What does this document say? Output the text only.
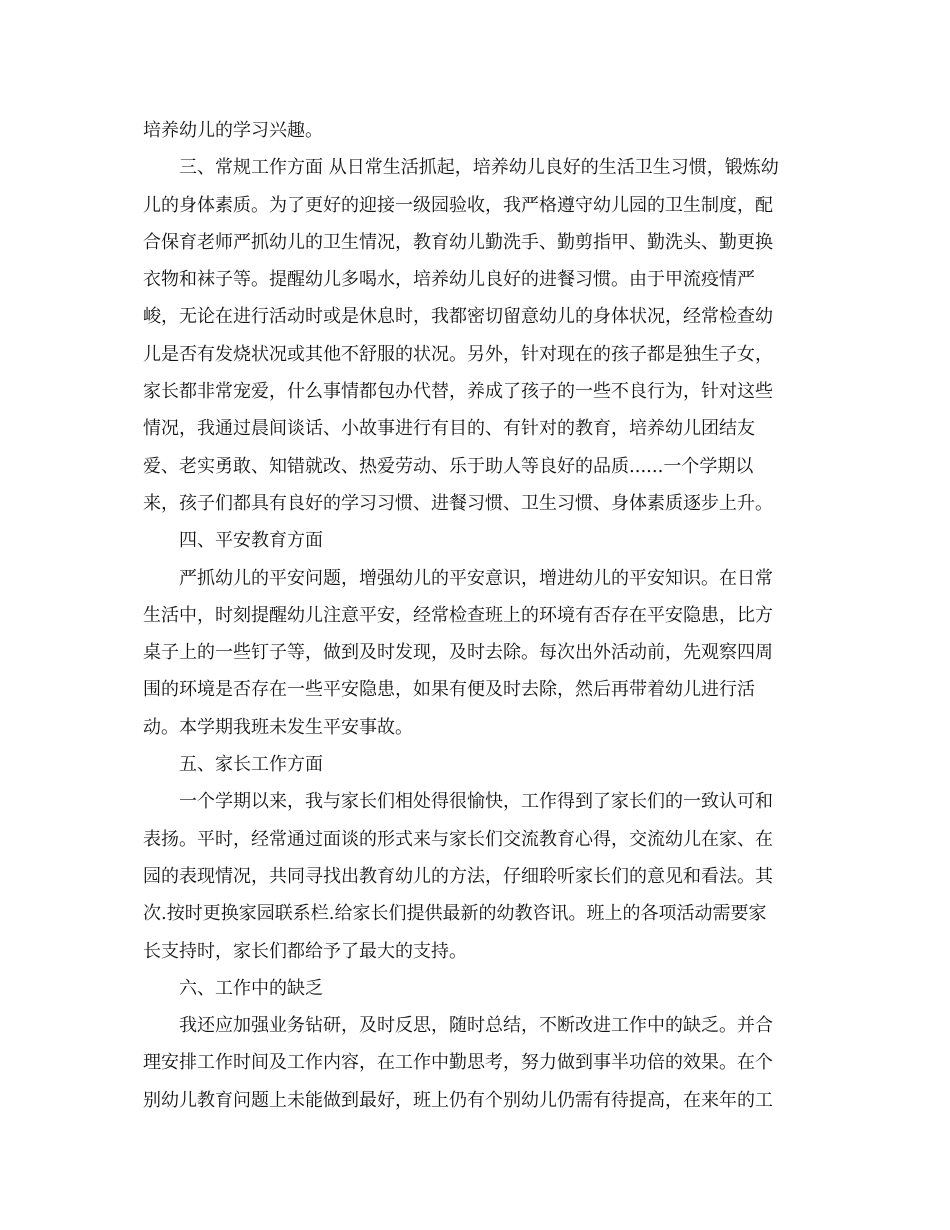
培养幼儿的学习兴趣。
三、常规工作方面 从日常生活抓起，培养幼儿良好的生活卫生习惯，锻炼幼
儿的身体素质。为了更好的迎接一级园验收，我严格遵守幼儿园的卫生制度，配
合保育老师严抓幼儿的卫生情况，教育幼儿勤洗手、勤剪指甲、勤洗头、勤更换
衣物和袜子等。提醒幼儿多喝水，培养幼儿良好的进餐习惯。由于甲流疫情严
峻，无论在进行活动时或是休息时，我都密切留意幼儿的身体状况，经常检查幼
儿是否有发烧状况或其他不舒服的状况。另外，针对现在的孩子都是独生子女，
家长都非常宠爱，什么事情都包办代替，养成了孩子的一些不良行为，针对这些
情况，我通过晨间谈话、小故事进行有目的、有针对的教育，培养幼儿团结友
爱、老实勇敢、知错就改、热爱劳动、乐于助人等良好的品质......一个学期以
来，孩子们都具有良好的学习习惯、进餐习惯、卫生习惯、身体素质逐步上升。
四、平安教育方面
严抓幼儿的平安问题，增强幼儿的平安意识，增进幼儿的平安知识。在日常
生活中，时刻提醒幼儿注意平安，经常检查班上的环境有否存在平安隐患，比方
桌子上的一些钉子等，做到及时发现，及时去除。每次出外活动前，先观察四周
围的环境是否存在一些平安隐患，如果有便及时去除，然后再带着幼儿进行活
动。本学期我班未发生平安事故。
五、家长工作方面
一个学期以来，我与家长们相处得很愉快，工作得到了家长们的一致认可和
表扬。平时，经常通过面谈的形式来与家长们交流教育心得，交流幼儿在家、在
园的表现情况，共同寻找出教育幼儿的方法，仔细聆听家长们的意见和看法。其
次.按时更换家园联系栏.给家长们提供最新的幼教咨讯。班上的各项活动需要家
长支持时，家长们都给予了最大的支持。
六、工作中的缺乏
我还应加强业务钻研，及时反思，随时总结，不断改进工作中的缺乏。并合
理安排工作时间及工作内容，在工作中勤思考，努力做到事半功倍的效果。在个
别幼儿教育问题上未能做到最好，班上仍有个别幼儿仍需有待提高，在来年的工
